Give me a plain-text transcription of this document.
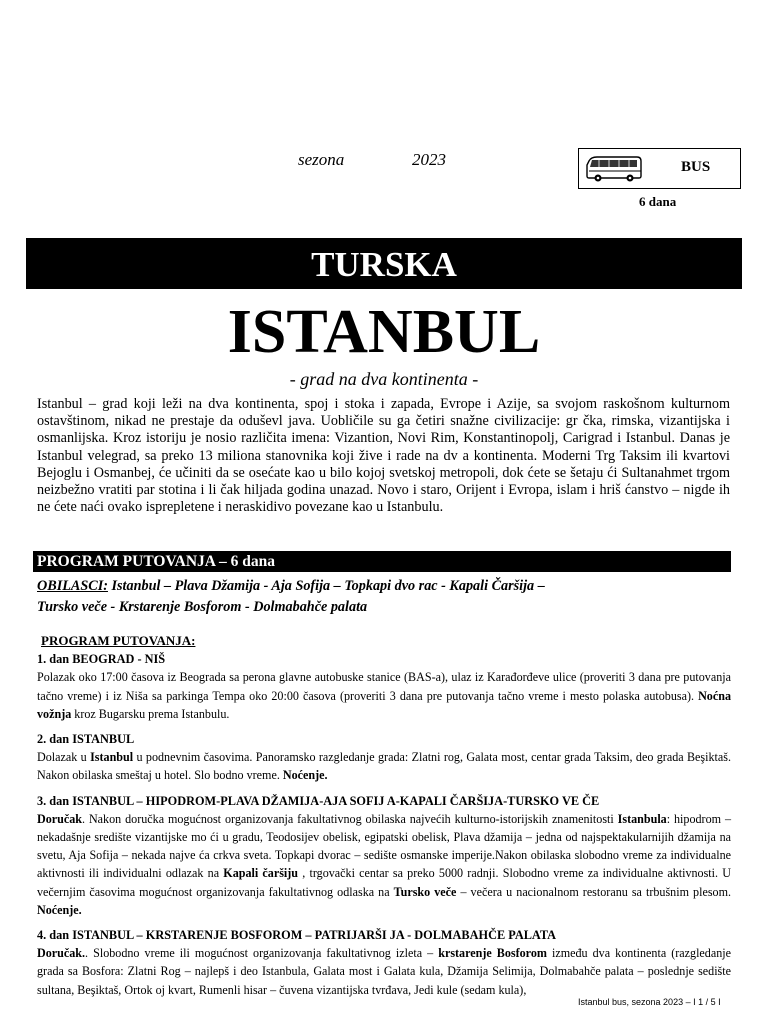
sezona	2023	BUS
6 dana
TURSKA
ISTANBUL
- grad na dva kontinenta -
Istanbul – grad koji leži na dva kontinenta, spoj i stoka i zapada, Evrope i Azije, sa svojom raskošnom kulturnom ostavštinom, nikad ne prestaje da oduševl java. Uobličile su ga četiri snažne civilizacije: gr čka, rimska, vizantijska i osmanlijska. Kroz istoriju je nosio različita imena: Vizantion, Novi Rim, Konstantinopolj, Carigrad i Istanbul. Danas je Istanbul velegrad, sa preko 13 miliona stanovnika koji žive i rade na dv a kontinenta. Moderni Trg Taksim ili kvartovi Bejoglu i Osmanbej, će učiniti da se osećate kao u bilo kojoj svetskoj metropoli, dok ćete se šetaju ći Sultanahmet trgom neizbežno vratiti par stotina i li čak hiljada godina unazad. Novo i staro, Orijent i Evropa, islam i hriš ćanstvo – nigde ih ne ćete naći ovako isprepletene i neraskidivo povezane kao u Istanbulu.
PROGRAM PUTOVANJA – 6 dana
OBILASCI: Istanbul – Plava Džamija - Aja Sofija – Topkapi dvo rac - Kapali Čaršija –
Tursko veče - Krstarenje Bosforom - Dolmabahče palata

PROGRAM PUTOVANJA:

1. dan BEOGRAD - NIŠ

Polazak oko 17:00 časova iz Beograda sa perona glavne autobuske stanice (BAS-a), ulaz iz Karađorđeve ulice (proveriti 3 dana pre putovanja tačno vreme) i iz Niša sa parkinga Tempa oko 20:00 časova (proveriti 3 dana pre putovanja tačno vreme i mesto polaska autobusa). Noćna vožnja kroz Bugarsku prema Istanbulu.

2. dan ISTANBUL

Dolazak u Istanbul u podnevnim časovima. Panoramsko razgledanje grada: Zlatni rog, Galata most, centar grada Taksim, deo grada Beşiktaš. Nakon obilaska smeštaj u hotel. Slo bodno vreme. Noćenje.

3. dan ISTANBUL – HIPODROM-PLAVA DŽAMIJA-AJA SOFIJ A-KAPALI ČARŠIJA-TURSKO VE ČE

Doručak. Nakon doručka mogućnost organizovanja fakultativnog obilaska najvećih kulturno-istorijskih znamenitosti Istanbula: hipodrom – nekadašnje središte vizantijske mo ći u gradu, Teodosijev obelisk, egipatski obelisk, Plava džamija – jedna od najspektakularnijih džamija na svetu, Aja Sofija – nekada najve ća crkva sveta. Topkapi dvorac – sedište osmanske imperije.Nakon obilaska slobodno vreme za individualne aktivnosti ili individualni odlazak na Kapali čaršiju , trgovački centar sa preko 5000 radnji. Slobodno vreme za individualne aktivnosti. U večernjim časovima mogućnost organizovanja fakultativnog odlaska na Tursko veče – večera u nacionalnom restoranu sa trbušnim plesom. Noćenje.

4. dan ISTANBUL – KRSTARENJE BOSFOROM – PATRIJARŠI JA - DOLMABAHČE PALATA

Doručak.. Slobodno vreme ili mogućnost organizovanja fakultativnog izleta – krstarenje Bosforom između dva kontinenta (razgledanje grada sa Bosfora: Zlatni Rog – najlepš i deo Istanbula, Galata most i Galata kula, Džamija Selimija, Dolmabahče palata – poslednje sedište sultana, Beşiktaš, Ortok oj kvart, Rumenli hisar – čuvena vizantijska tvrđava, Jedi kule (sedam kula),

Istanbul bus, sezona 2023 – I 1 / 5 I
